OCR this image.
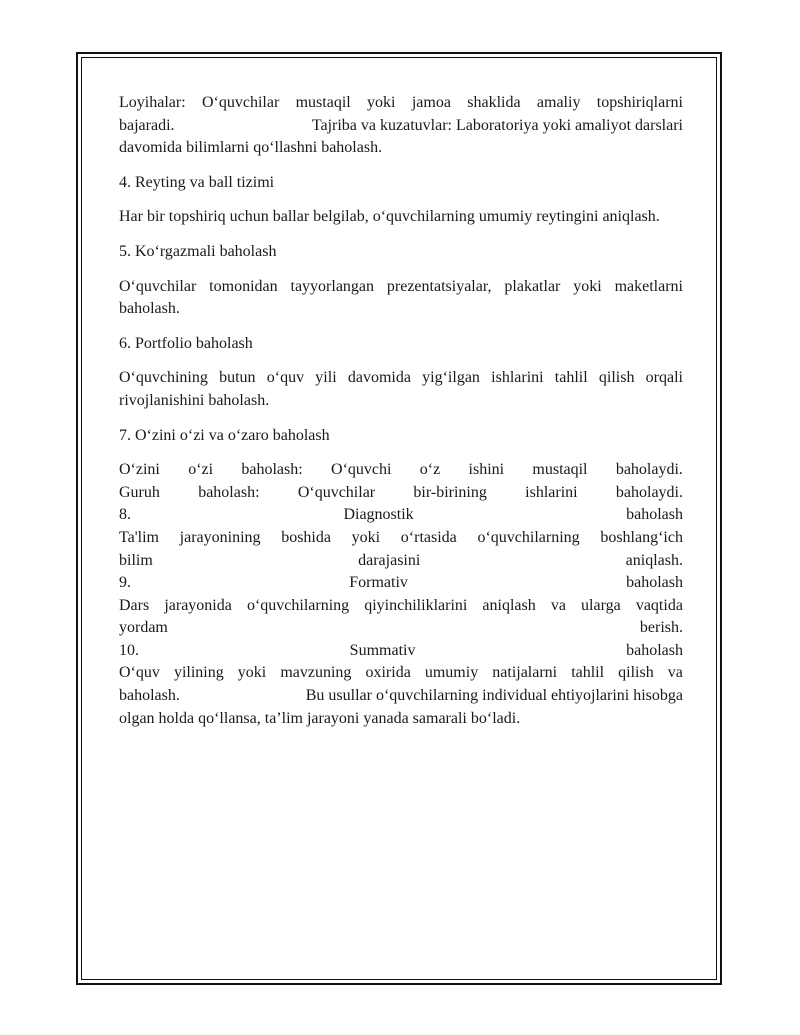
Loyihalar: O‘quvchilar mustaqil yoki jamoa shaklida amaliy topshiriqlarni
bajaradi.	Tajriba va kuzatuvlar: Laboratoriya yoki amaliyot darslari
davomida bilimlarni qo‘llashni baholash.
4. Reyting va ball tizimi
Har bir topshiriq uchun ballar belgilab, o‘quvchilarning umumiy reytingini aniqlash.
5. Ko‘rgazmali baholash
O‘quvchilar tomonidan tayyorlangan prezentatsiyalar, plakatlar yoki maketlarni baholash.
6. Portfolio baholash
O‘quvchining butun o‘quv yili davomida yig‘ilgan ishlarini tahlil qilish orqali rivojlanishini baholash.
7. O‘zini o‘zi va o‘zaro baholash
O‘zini o‘zi baholash: O‘quvchi o‘z ishini mustaqil baholaydi.
Guruh baholash: O‘quvchilar bir-birining ishlarini baholaydi.
8.	Diagnostik	baholash
Ta'lim jarayonining boshida yoki o‘rtasida o‘quvchilarning boshlang‘ich
bilim	darajasini	aniqlash.
9.	Formativ	baholash
Dars jarayonida o‘quvchilarning qiyinchiliklarini aniqlash va ularga vaqtida
yordam	berish.
10.	Summativ	baholash
O‘quv yilining yoki mavzuning oxirida umumiy natijalarni tahlil qilish va
baholash.	Bu usullar o‘quvchilarning individual ehtiyojlarini hisobga
olgan holda qo‘llansa, ta’lim jarayoni yanada samarali bo‘ladi.
